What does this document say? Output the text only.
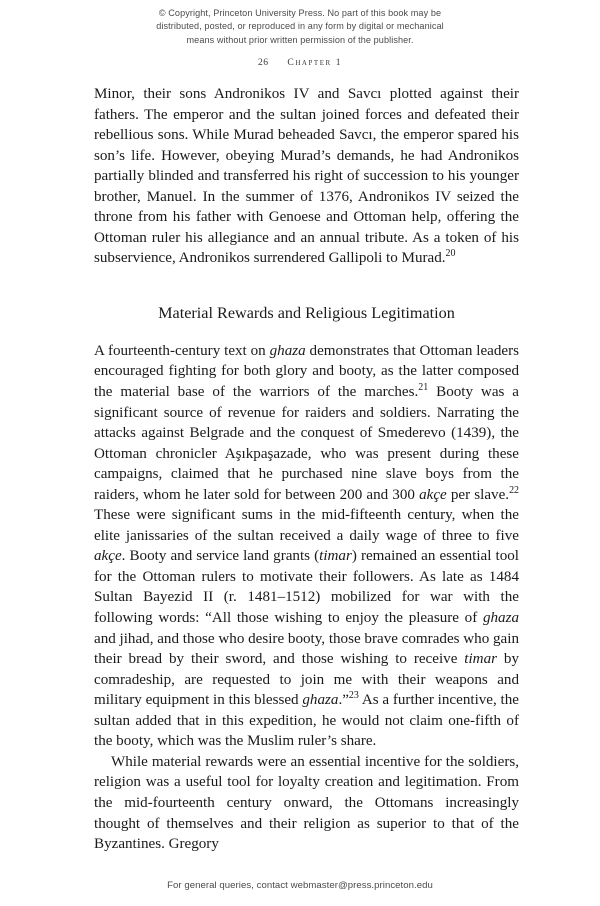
© Copyright, Princeton University Press. No part of this book may be
distributed, posted, or reproduced in any form by digital or mechanical
means without prior written permission of the publisher.
26 Chapter 1

Minor, their sons Andronikos IV and Savcı plotted against their fathers. The emperor and the sultan joined forces and defeated their rebellious sons. While Murad beheaded Savcı, the emperor spared his son’s life. However, obeying Murad’s demands, he had Andronikos partially blinded and transferred his right of succession to his younger brother, Manuel. In the summer of 1376, Andronikos IV seized the throne from his father with Genoese and Ottoman help, offering the Ottoman ruler his allegiance and an annual tribute. As a token of his subservience, Andronikos surrendered Gallipoli to Murad.$^{20}$

Material Rewards and Religious Legitimation

A fourteenth-century text on ghaza demonstrates that Ottoman leaders encouraged fighting for both glory and booty, as the latter composed the material base of the warriors of the marches.$^{21}$ Booty was a significant source of revenue for raiders and soldiers. Narrating the attacks against Belgrade and the conquest of Smederevo (1439), the Ottoman chronicler Aşıkpaşazade, who was present during these campaigns, claimed that he purchased nine slave boys from the raiders, whom he later sold for between 200 and 300 akçe per slave.$^{22}$ These were significant sums in the mid-fifteenth century, when the elite janissaries of the sultan received a daily wage of three to five akçe. Booty and service land grants (timar) remained an essential tool for the Ottoman rulers to motivate their followers. As late as 1484 Sultan Bayezid II (r. 1481–1512) mobilized for war with the following words: “All those wishing to enjoy the pleasure of ghaza and jihad, and those who desire booty, those brave comrades who gain their bread by their sword, and those wishing to receive timar by comradeship, are requested to join me with their weapons and military equipment in this blessed ghaza.”$^{23}$ As a further incentive, the sultan added that in this expedition, he would not claim one-fifth of the booty, which was the Muslim ruler’s share.

While material rewards were an essential incentive for the soldiers, religion was a useful tool for loyalty creation and legitimation. From the mid-fourteenth century onward, the Ottomans increasingly thought of themselves and their religion as superior to that of the Byzantines. Gregory

For general queries, contact webmaster@press.princeton.edu
